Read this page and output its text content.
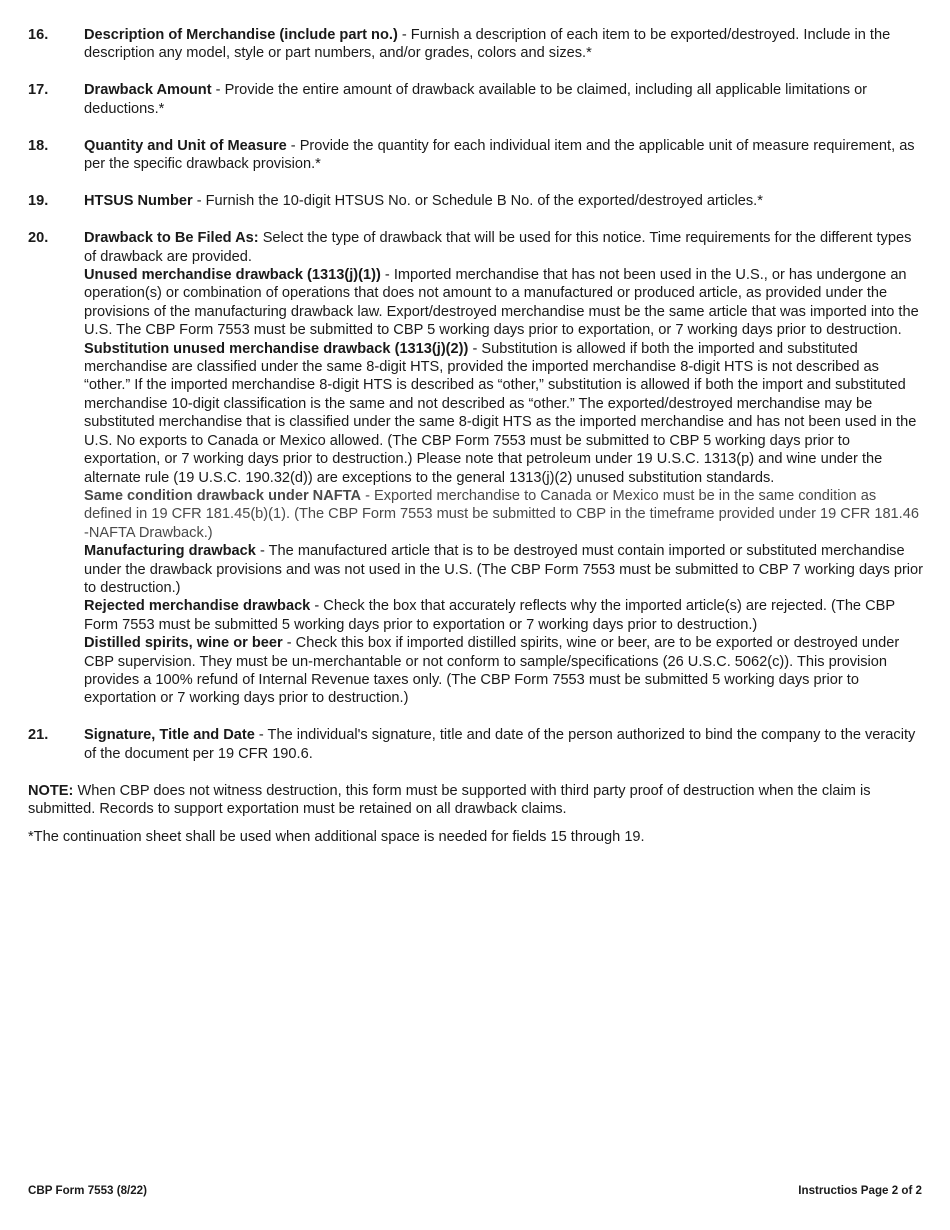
16.	Description of Merchandise (include part no.) - Furnish a description of each item to be exported/destroyed. Include in the description any model, style or part numbers, and/or grades, colors and sizes.*

17.	Drawback Amount - Provide the entire amount of drawback available to be claimed, including all applicable limitations or deductions.*

18.	Quantity and Unit of Measure - Provide the quantity for each individual item and the applicable unit of measure requirement, as per the specific drawback provision.*

19.	HTSUS Number - Furnish the 10-digit HTSUS No. or Schedule B No. of the exported/destroyed articles.*

20.	Drawback to Be Filed As: Select the type of drawback that will be used for this notice. Time requirements for the different types of drawback are provided.

Unused merchandise drawback (1313(j)(1)) - Imported merchandise that has not been used in the U.S., or has undergone an operation(s) or combination of operations that does not amount to a manufactured or produced article, as provided under the provisions of the manufacturing drawback law. Export/destroyed merchandise must be the same article that was imported into the U.S. The CBP Form 7553 must be submitted to CBP 5 working days prior to exportation, or 7 working days prior to destruction.

Substitution unused merchandise drawback (1313(j)(2)) - Substitution is allowed if both the imported and substituted merchandise are classified under the same 8-digit HTS, provided the imported merchandise 8-digit HTS is not described as “other.” If the imported merchandise 8-digit HTS is described as “other,” substitution is allowed if both the import and substituted merchandise 10-digit classification is the same and not described as “other.” The exported/destroyed merchandise may be substituted merchandise that is classified under the same 8-digit HTS as the imported merchandise and has not been used in the U.S. No exports to Canada or Mexico allowed. (The CBP Form 7553 must be submitted to CBP 5 working days prior to exportation, or 7 working days prior to destruction.) Please note that petroleum under 19 U.S.C. 1313(p) and wine under the alternate rule (19 U.S.C. 190.32(d)) are exceptions to the general 1313(j)(2) unused substitution standards.

Same condition drawback under NAFTA - Exported merchandise to Canada or Mexico must be in the same condition as defined in 19 CFR 181.45(b)(1). (The CBP Form 7553 must be submitted to CBP in the timeframe provided under 19 CFR 181.46 -NAFTA Drawback.)

Manufacturing drawback - The manufactured article that is to be destroyed must contain imported or substituted merchandise under the drawback provisions and was not used in the U.S. (The CBP Form 7553 must be submitted to CBP 7 working days prior to destruction.)

Rejected merchandise drawback - Check the box that accurately reflects why the imported article(s) are rejected. (The CBP Form 7553 must be submitted 5 working days prior to exportation or 7 working days prior to destruction.)

Distilled spirits, wine or beer - Check this box if imported distilled spirits, wine or beer, are to be exported or destroyed under CBP supervision. They must be un-merchantable or not conform to sample/specifications (26 U.S.C. 5062(c)). This provision provides a 100% refund of Internal Revenue taxes only. (The CBP Form 7553 must be submitted 5 working days prior to exportation or 7 working days prior to destruction.)

21.	Signature, Title and Date - The individual's signature, title and date of the person authorized to bind the company to the veracity of the document per 19 CFR 190.6.

NOTE: When CBP does not witness destruction, this form must be supported with third party proof of destruction when the claim is submitted. Records to support exportation must be retained on all drawback claims.

*The continuation sheet shall be used when additional space is needed for fields 15 through 19.

CBP Form 7553 (8/22)	Instructios Page 2 of 2
